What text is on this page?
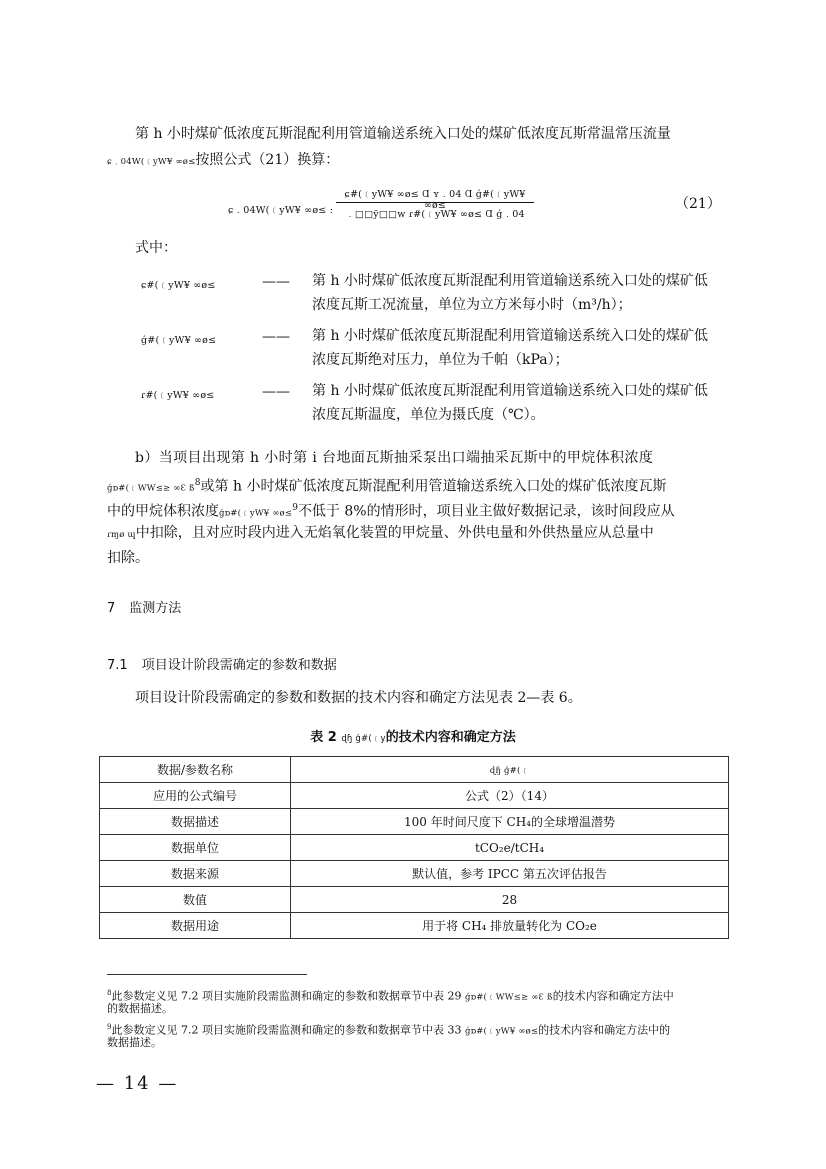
第 h 小时煤矿低浓度瓦斯混配利用管道输送系统入口处的煤矿低浓度瓦斯常温常压流量
ɕ﹒04W(﹝yW¥ ∞ø≤按照公式（21）换算：
ɕ﹒04W(﹝yW¥ ∞ø≤ :
ɕ#(﹝yW¥ ∞ø≤ Ɑ ʏ﹒04 Ɑ ǵ#(﹝yW¥ ∞ø≤
﹒□□ÿ□□w ɾ#(﹝yW¥ ∞ø≤ Ɑ ǵ﹒04
（21）
式中：
ɕ#(﹝yW¥ ∞ø≤	—— 第 h 小时煤矿低浓度瓦斯混配利用管道输送系统入口处的煤矿低
浓度瓦斯工况流量，单位为立方米每小时（m³/h）；
ǵ#(﹝yW¥ ∞ø≤	—— 第 h 小时煤矿低浓度瓦斯混配利用管道输送系统入口处的煤矿低
浓度瓦斯绝对压力，单位为千帕（kPa）；
ɾ#(﹝yW¥ ∞ø≤	—— 第 h 小时煤矿低浓度瓦斯混配利用管道输送系统入口处的煤矿低
浓度瓦斯温度，单位为摄氏度（℃）。
b）当项目出现第 h 小时第 i 台地面瓦斯抽采泵出口端抽采瓦斯中的甲烷体积浓度
ǵɒ#(﹝WW≤≥ ∞Ɛ $ß^8$或第 h 小时煤矿低浓度瓦斯混配利用管道输送系统入口处的煤矿低浓度瓦斯
中的甲烷体积浓度ǵɒ#(﹝yW¥ ∞ø≤$^9$不低于 8%的情形时，项目业主做好数据记录，该时间段应从
ɾɱø ɰ中扣除，且对应时段内进入无焰氧化装置的甲烷量、外供电量和外供热量应从总量中
扣除。
7 监测方法
7.1 项目设计阶段需确定的参数和数据
项目设计阶段需确定的参数和数据的技术内容和确定方法见表 2—表 6。
表 2 ɖɧ ǵ#(﹝y的技术内容和确定方法
数据/参数名称	ɖɧ ǵ#(﹝
应用的公式编号	公式（2）（14）
数据描述	100 年时间尺度下 CH₄的全球增温潜势
数据单位	tCO₂e/tCH₄
数据来源	默认值，参考 IPCC 第五次评估报告
数值	28
数据用途	用于将 CH₄ 排放量转化为 CO₂e
$^8$此参数定义见 7.2 项目实施阶段需监测和确定的参数和数据章节中表 29 ǵɒ#(﹝WW≤≥ ∞Ɛ ß的技术内容和确定方法中
的数据描述。
$^9$此参数定义见 7.2 项目实施阶段需监测和确定的参数和数据章节中表 33 ǵɒ#(﹝yW¥ ∞ø≤的技术内容和确定方法中的
数据描述。
— 14 —
